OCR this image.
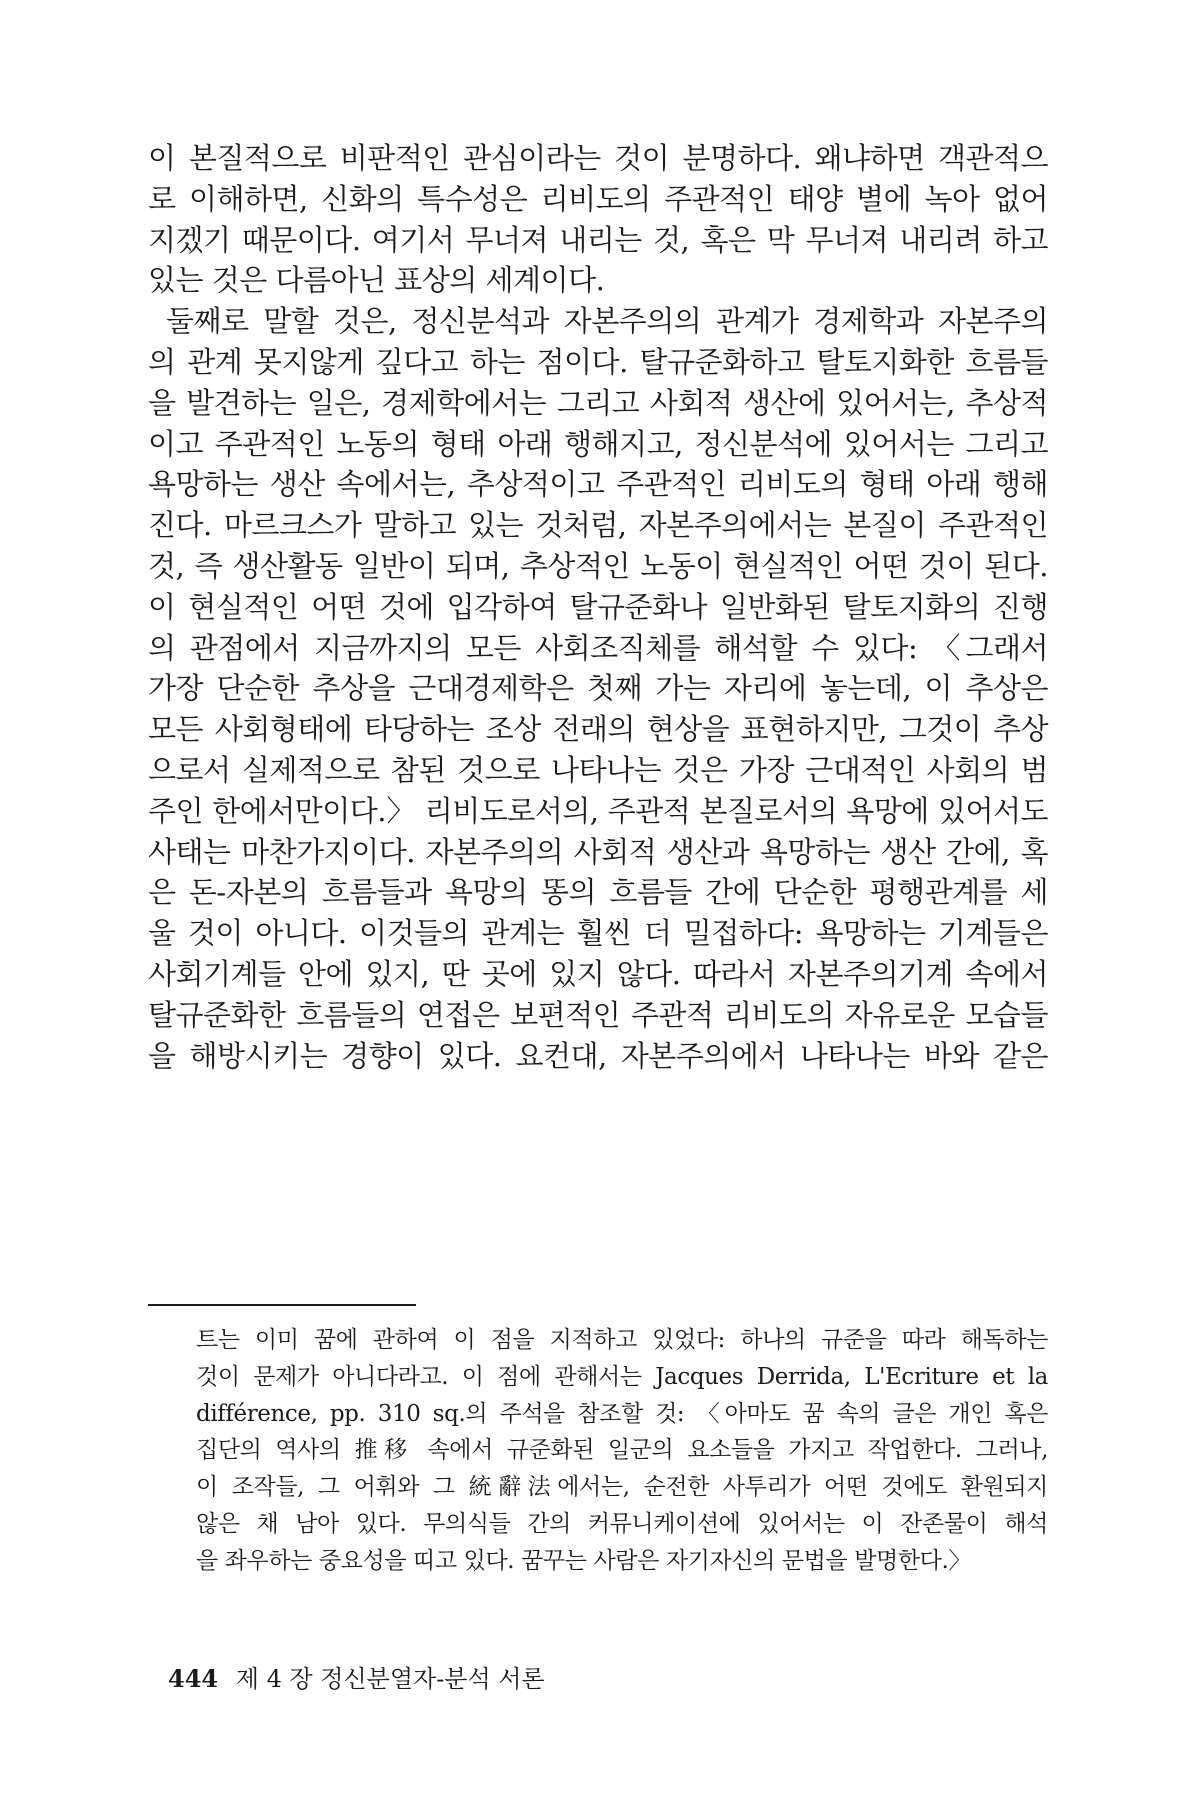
이 본질적으로 비판적인 관심이라는 것이 분명하다. 왜냐하면 객관적으
로 이해하면, 신화의 특수성은 리비도의 주관적인 태양 별에 녹아 없어
지겠기 때문이다. 여기서 무너져 내리는 것, 혹은 막 무너져 내리려 하고
있는 것은 다름아닌 표상의 세계이다.
둘째로 말할 것은, 정신분석과 자본주의의 관계가 경제학과 자본주의
의 관계 못지않게 깊다고 하는 점이다. 탈규준화하고 탈토지화한 흐름들
을 발견하는 일은, 경제학에서는 그리고 사회적 생산에 있어서는, 추상적
이고 주관적인 노동의 형태 아래 행해지고, 정신분석에 있어서는 그리고
욕망하는 생산 속에서는, 추상적이고 주관적인 리비도의 형태 아래 행해
진다. 마르크스가 말하고 있는 것처럼, 자본주의에서는 본질이 주관적인
것, 즉 생산활동 일반이 되며, 추상적인 노동이 현실적인 어떤 것이 된다.
이 현실적인 어떤 것에 입각하여 탈규준화나 일반화된 탈토지화의 진행
의 관점에서 지금까지의 모든 사회조직체를 해석할 수 있다: 〈그래서
가장 단순한 추상을 근대경제학은 첫째 가는 자리에 놓는데, 이 추상은
모든 사회형태에 타당하는 조상 전래의 현상을 표현하지만, 그것이 추상
으로서 실제적으로 참된 것으로 나타나는 것은 가장 근대적인 사회의 범
주인 한에서만이다.〉 리비도로서의, 주관적 본질로서의 욕망에 있어서도
사태는 마찬가지이다. 자본주의의 사회적 생산과 욕망하는 생산 간에, 혹
은 돈-자본의 흐름들과 욕망의 똥의 흐름들 간에 단순한 평행관계를 세
울 것이 아니다. 이것들의 관계는 훨씬 더 밀접하다: 욕망하는 기계들은
사회기계들 안에 있지, 딴 곳에 있지 않다. 따라서 자본주의기계 속에서
탈규준화한 흐름들의 연접은 보편적인 주관적 리비도의 자유로운 모습들
을 해방시키는 경향이 있다. 요컨대, 자본주의에서 나타나는 바와 같은
트는 이미 꿈에 관하여 이 점을 지적하고 있었다: 하나의 규준을 따라 해독하는
것이 문제가 아니다라고. 이 점에 관해서는 Jacques Derrida, L'Ecriture et la
différence, pp. 310 sq.의 주석을 참조할 것: 〈아마도 꿈 속의 글은 개인 혹은
집단의 역사의 推移 속에서 규준화된 일군의 요소들을 가지고 작업한다. 그러나,
이 조작들, 그 어휘와 그 統辭法에서는, 순전한 사투리가 어떤 것에도 환원되지
않은 채 남아 있다. 무의식들 간의 커뮤니케이션에 있어서는 이 잔존물이 해석
을 좌우하는 중요성을 띠고 있다. 꿈꾸는 사람은 자기자신의 문법을 발명한다.〉
444 제 4 장 정신분열자-분석 서론
